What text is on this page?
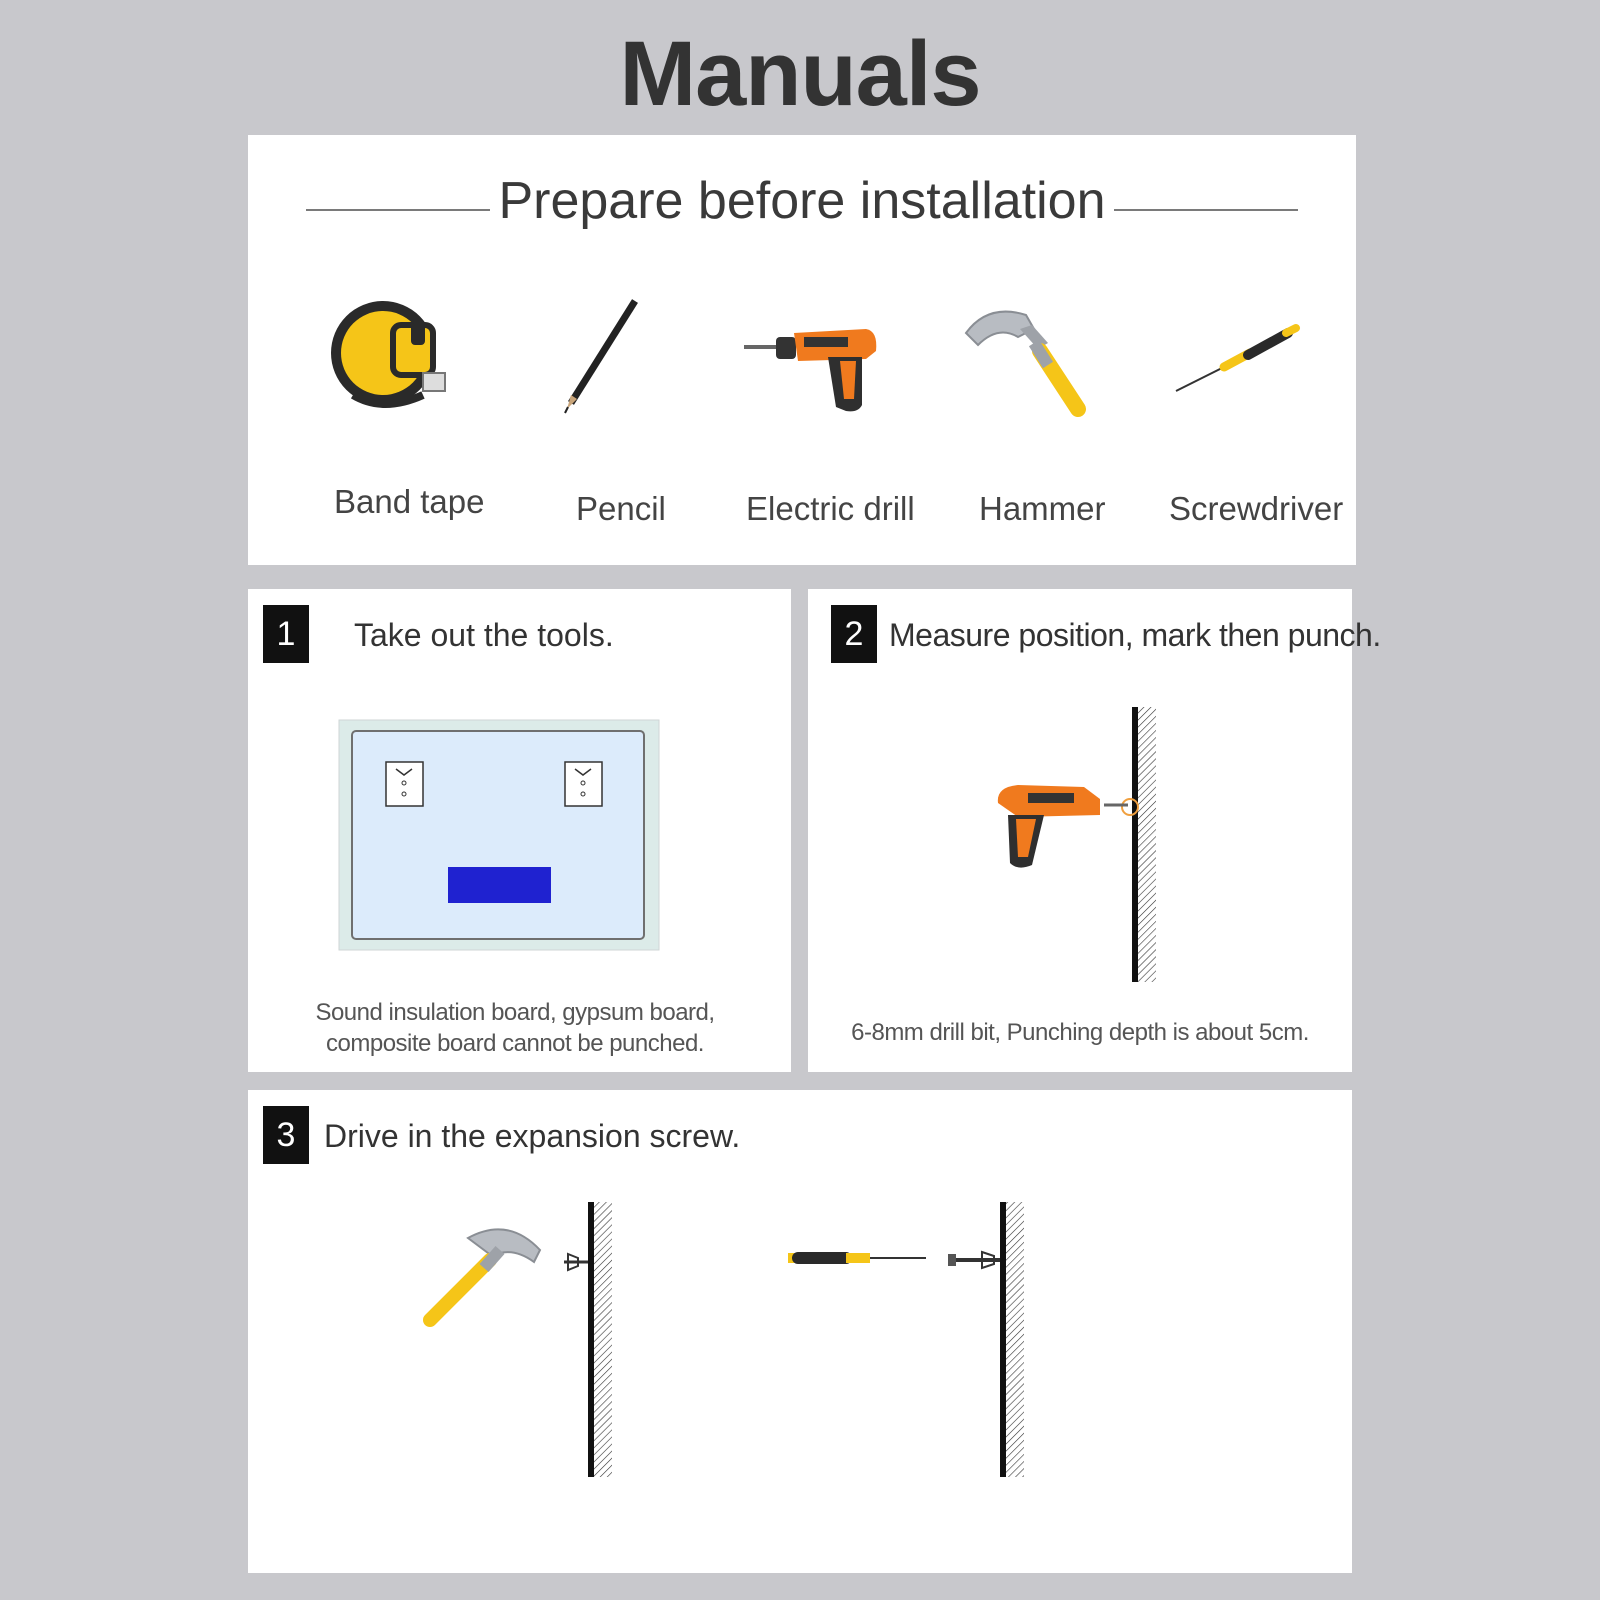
Manuals
Prepare before installation
Band tape	Pencil Electric drill Hammer Screwdriver
1	Take out the tools.
Sound insulation board, gypsum board,
composite board cannot be punched.
2 Measure position, mark then punch.
6-8mm drill bit, Punching depth is about 5cm.
3 Drive in the expansion screw.
